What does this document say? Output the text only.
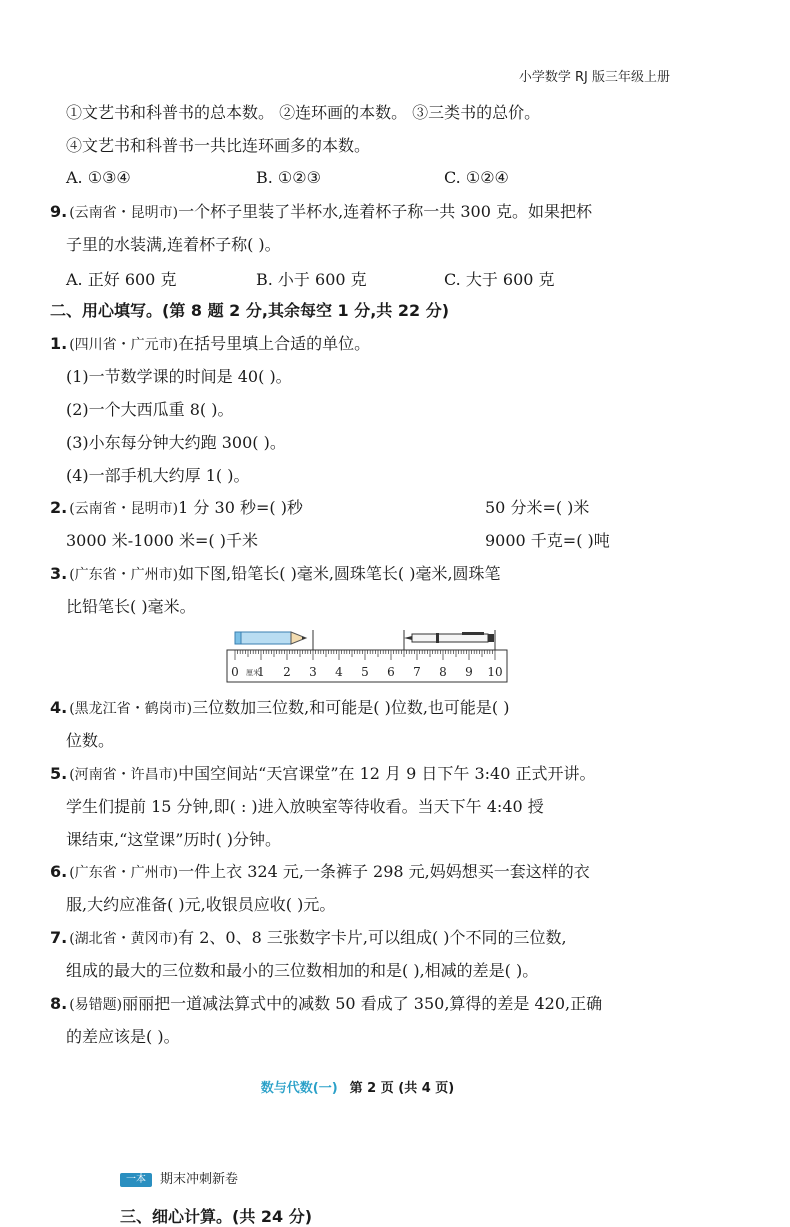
小学数学 RJ 版三年级上册
①文艺书和科普书的总本数。 ②连环画的本数。 ③三类书的总价。
④文艺书和科普书一共比连环画多的本数。
A. ①③④	B. ①②③	C. ①②④
9. (云南省・昆明市)一个杯子里装了半杯水,连着杯子称一共 300 克。如果把杯
子里的水装满,连着杯子称( )。
A. 正好 600 克	B. 小于 600 克	C. 大于 600 克
二、用心填写。(第 8 题 2 分,其余每空 1 分,共 22 分)
1. (四川省・广元市)在括号里填上合适的单位。
(1)一节数学课的时间是 40( )。
(2)一个大西瓜重 8( )。
(3)小东每分钟大约跑 300( )。
(4)一部手机大约厚 1( )。
2. (云南省・昆明市)1 分 30 秒=( )秒	50 分米=( )米
3000 米-1000 米=( )千米	9000 千克=( )吨
3. (广东省・广州市)如下图,铅笔长( )毫米,圆珠笔长( )毫米,圆珠笔
比铅笔长( )毫米。
0 1 2 3 4 5 6 7 8 9 10
厘米
4. (黑龙江省・鹤岗市)三位数加三位数,和可能是( )位数,也可能是( )
位数。
5. (河南省・许昌市)中国空间站“天宫课堂”在 12 月 9 日下午 3:40 正式开讲。
学生们提前 15 分钟,即( : )进入放映室等待收看。当天下午 4:40 授
课结束,“这堂课”历时( )分钟。
6. (广东省・广州市)一件上衣 324 元,一条裤子 298 元,妈妈想买一套这样的衣
服,大约应准备( )元,收银员应收( )元。
7. (湖北省・黄冈市)有 2、0、8 三张数字卡片,可以组成( )个不同的三位数,
组成的最大的三位数和最小的三位数相加的和是( ),相减的差是( )。
8. (易错题)丽丽把一道减法算式中的减数 50 看成了 350,算得的差是 420,正确
的差应该是( )。
数与代数(一) 第 2 页 (共 4 页)
一本 期末冲刺新卷
三、细心计算。(共 24 分)
